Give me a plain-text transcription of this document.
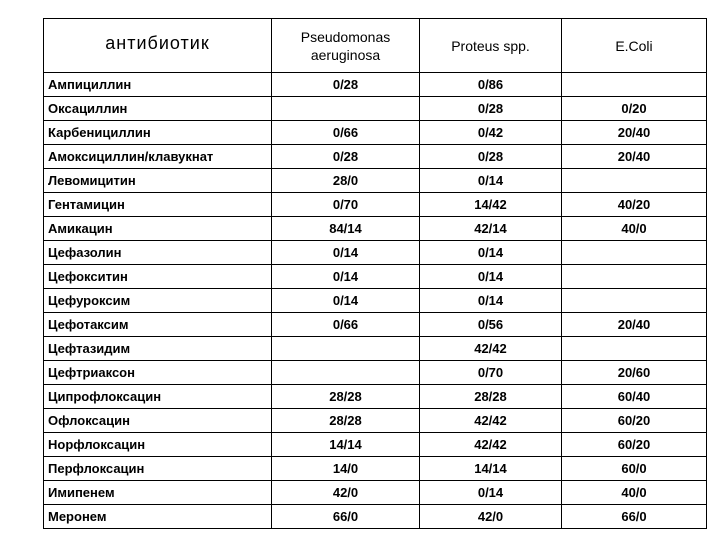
антибиотик	Pseudomonas aeruginosa	Proteus spp.	E.Coli
Ампициллин	0/28	0/86	
Оксациллин		0/28	0/20
Карбенициллин	0/66	0/42	20/40
Амоксициллин/клавукнат	0/28	0/28	20/40
Левомицитин	28/0	0/14	
Гентамицин	0/70	14/42	40/20
Амикацин	84/14	42/14	40/0
Цефазолин	0/14	0/14	
Цефокситин	0/14	0/14	
Цефуроксим	0/14	0/14	
Цефотаксим	0/66	0/56	20/40
Цефтазидим		42/42	
Цефтриаксон		0/70	20/60
Ципрофлоксацин	28/28	28/28	60/40
Офлоксацин	28/28	42/42	60/20
Норфлоксацин	14/14	42/42	60/20
Перфлоксацин	14/0	14/14	60/0
Имипенем	42/0	0/14	40/0
Меронем	66/0	42/0	66/0
